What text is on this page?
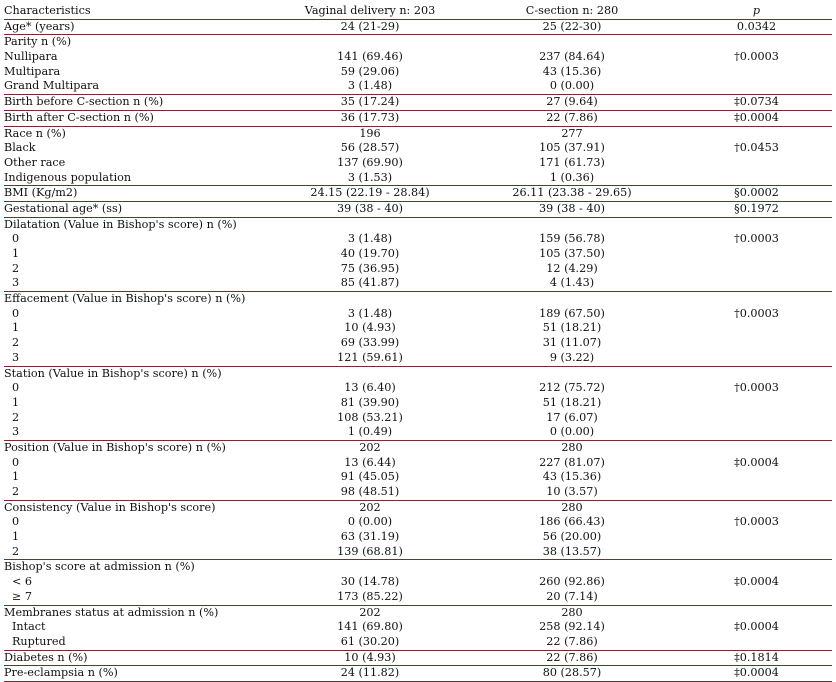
Characteristics	Vaginal delivery n: 203	C-section n: 280	p
Age* (years)	24 (21-29)	25 (22-30)	0.0342
Parity n (%)
Nullipara	141 (69.46)	237 (84.64)	†0.0003
Multipara	59 (29.06)	43 (15.36)
Grand Multipara	3 (1.48)	0 (0.00)
Birth before C-section n (%)	35 (17.24)	27 (9.64)	‡0.0734
Birth after C-section n (%)	36 (17.73)	22 (7.86)	‡0.0004
Race n (%)	196	277
Black	56 (28.57)	105 (37.91)	†0.0453
Other race	137 (69.90)	171 (61.73)
Indigenous population	3 (1.53)	1 (0.36)
BMI (Kg/m2)	24.15 (22.19 - 28.84)	26.11 (23.38 - 29.65)	§0.0002
Gestational age* (ss)	39 (38 - 40)	39 (38 - 40)	§0.1972
Dilatation (Value in Bishop's score) n (%)
0	3 (1.48)	159 (56.78)	†0.0003
1	40 (19.70)	105 (37.50)
2	75 (36.95)	12 (4.29)
3	85 (41.87)	4 (1.43)
Effacement (Value in Bishop's score) n (%)
0	3 (1.48)	189 (67.50)	†0.0003
1	10 (4.93)	51 (18.21)
2	69 (33.99)	31 (11.07)
3	121 (59.61)	9 (3.22)
Station (Value in Bishop's score) n (%)
0	13 (6.40)	212 (75.72)	†0.0003
1	81 (39.90)	51 (18.21)
2	108 (53.21)	17 (6.07)
3	1 (0.49)	0 (0.00)
Position (Value in Bishop's score) n (%)	202	280
0	13 (6.44)	227 (81.07)	‡0.0004
1	91 (45.05)	43 (15.36)
2	98 (48.51)	10 (3.57)
Consistency (Value in Bishop's score)	202	280
0	0 (0.00)	186 (66.43)	†0.0003
1	63 (31.19)	56 (20.00)
2	139 (68.81)	38 (13.57)
Bishop's score at admission n (%)
< 6	30 (14.78)	260 (92.86)	‡0.0004
≥ 7	173 (85.22)	20 (7.14)
Membranes status at admission n (%)	202	280
Intact	141 (69.80)	258 (92.14)	‡0.0004
Ruptured	61 (30.20)	22 (7.86)
Diabetes n (%)	10 (4.93)	22 (7.86)	‡0.1814
Pre-eclampsia n (%)	24 (11.82)	80 (28.57)	‡0.0004
